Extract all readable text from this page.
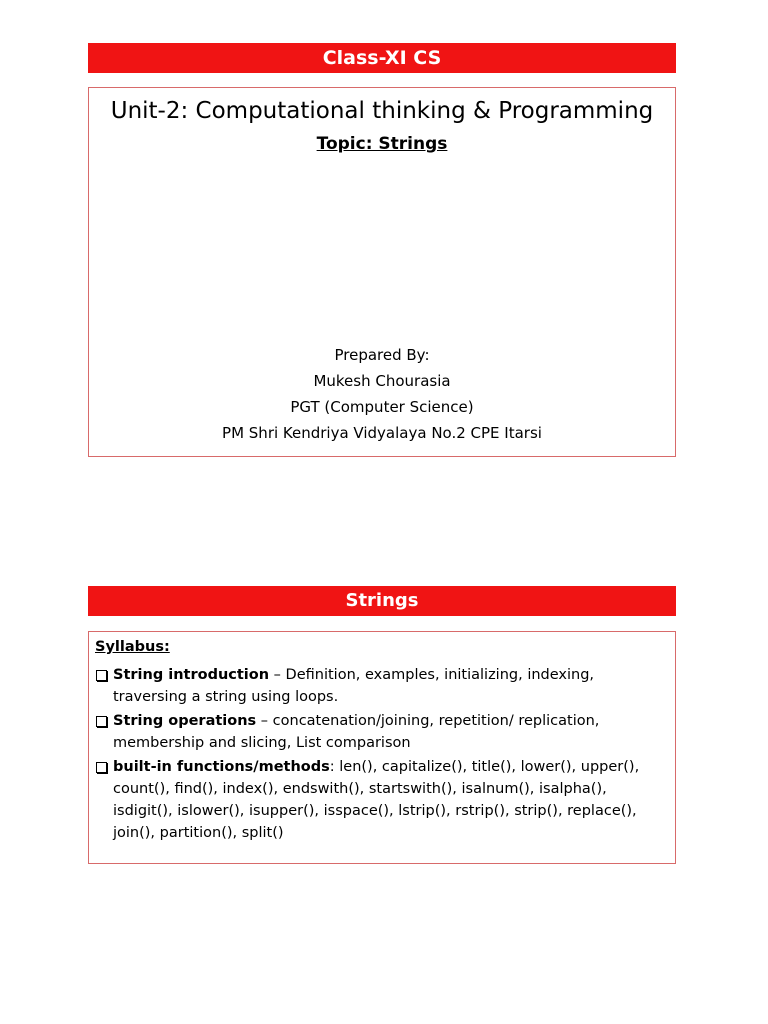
Class-XI CS
Unit-2: Computational thinking & Programming
Topic: Strings
Prepared By:
Mukesh Chourasia
PGT (Computer Science)
PM Shri Kendriya Vidyalaya No.2 CPE Itarsi
Strings
Syllabus:
String introduction – Definition, examples, initializing, indexing, traversing a string using loops.
String operations – concatenation/joining, repetition/ replication, membership and slicing, List comparison
built-in functions/methods: len(), capitalize(), title(), lower(), upper(), count(), find(), index(), endswith(), startswith(), isalnum(), isalpha(), isdigit(), islower(), isupper(), isspace(), lstrip(), rstrip(), strip(), replace(), join(), partition(), split()
